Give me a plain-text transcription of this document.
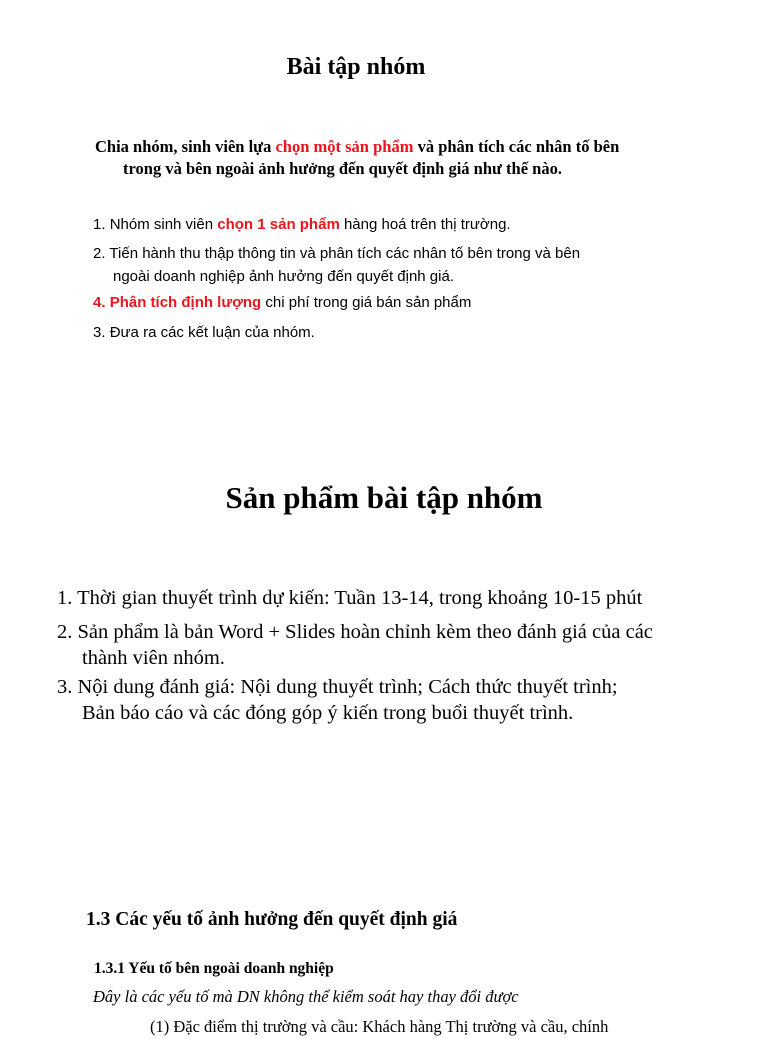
Bài tập nhóm
Chia nhóm, sinh viên lựa chọn một sản phẩm và phân tích các nhân tố bên
trong và bên ngoài ảnh hưởng đến quyết định giá như thế nào.
1. Nhóm sinh viên chọn 1 sản phẩm hàng hoá trên thị trường.
2. Tiến hành thu thập thông tin và phân tích các nhân tố bên trong và bên
ngoài doanh nghiệp ảnh hưởng đến quyết định giá.
4. Phân tích định lượng chi phí trong giá bán sản phẩm
3. Đưa ra các kết luận của nhóm.
Sản phẩm bài tập nhóm
1. Thời gian thuyết trình dự kiến: Tuần 13-14, trong khoảng 10-15 phút
2. Sản phẩm là bản Word + Slides hoàn chỉnh kèm theo đánh giá của các
thành viên nhóm.
3. Nội dung đánh giá: Nội dung thuyết trình; Cách thức thuyết trình;
Bản báo cáo và các đóng góp ý kiến trong buổi thuyết trình.
1.3 Các yếu tố ảnh hưởng đến quyết định giá
1.3.1 Yếu tố bên ngoài doanh nghiệp
Đây là các yếu tố mà DN không thể kiểm soát hay thay đổi được
(1) Đặc điểm thị trường và cầu: Khách hàng Thị trường và cầu, chính
